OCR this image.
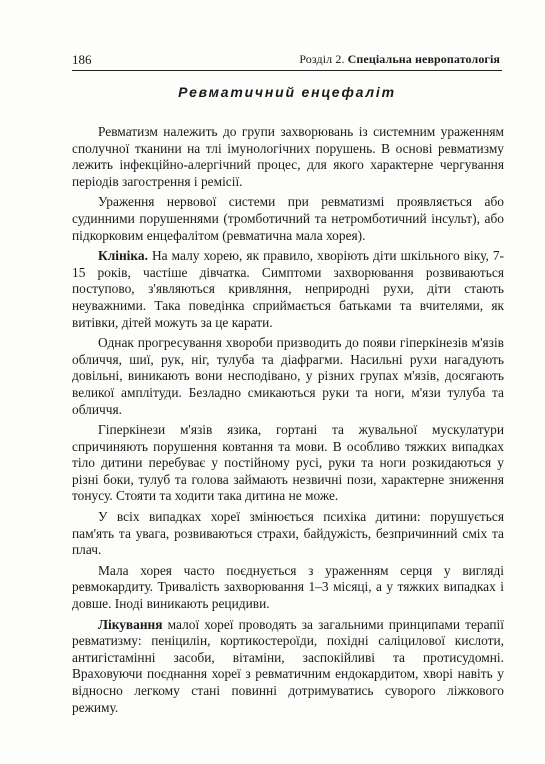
186	Розділ 2. Спеціальна невропатологія
Ревматичний енцефаліт

Ревматизм належить до групи захворювань із системним ураженням сполучної тканини на тлі імунологічних порушень. В основі ревматизму лежить інфекційно-алергічний процес, для якого характерне чергування періодів загострення і ремісії.

Ураження нервової системи при ревматизмі проявляється або судинними порушеннями (тромботичний та нетромботичний інсульт), або підкорковим енцефалітом (ревматична мала хорея).

Клініка. На малу хорею, як правило, хворіють діти шкільного віку, 7-15 років, частіше дівчатка. Симптоми захворювання розвиваються поступово, з'являються кривляння, неприродні рухи, діти стають неуважними. Така поведінка сприймається батьками та вчителями, як витівки, дітей можуть за це карати.

Однак прогресування хвороби призводить до появи гіперкінезів м'язів обличчя, шиї, рук, ніг, тулуба та діафрагми. Насильні рухи нагадують довільні, виникають вони несподівано, у різних групах м'язів, досягають великої амплітуди. Безладно смикаються руки та ноги, м'язи тулуба та обличчя.

Гіперкінези м'язів язика, гортані та жувальної мускулатури спричиняють порушення ковтання та мови. В особливо тяжких випадках тіло дитини перебуває у постійному русі, руки та ноги розкидаються у різні боки, тулуб та голова займають незвичні пози, характерне зниження тонусу. Стояти та ходити така дитина не може.

У всіх випадках хореї змінюється психіка дитини: порушується пам'ять та увага, розвиваються страхи, байдужість, безпричинний сміх та плач.

Мала хорея часто поєднується з ураженням серця у вигляді ревмокардиту. Тривалість захворювання 1–3 місяці, а у тяжких випадках і довше. Іноді виникають рецидиви.

Лікування малої хореї проводять за загальними принципами терапії ревматизму: пеніцилін, кортикостероїди, похідні саліцилової кислоти, антигістамінні засоби, вітаміни, заспокійливі та протисудомні. Враховуючи поєднання хореї з ревматичним ендокардитом, хворі навіть у відносно легкому стані повинні дотримуватись суворого ліжкового режиму.
